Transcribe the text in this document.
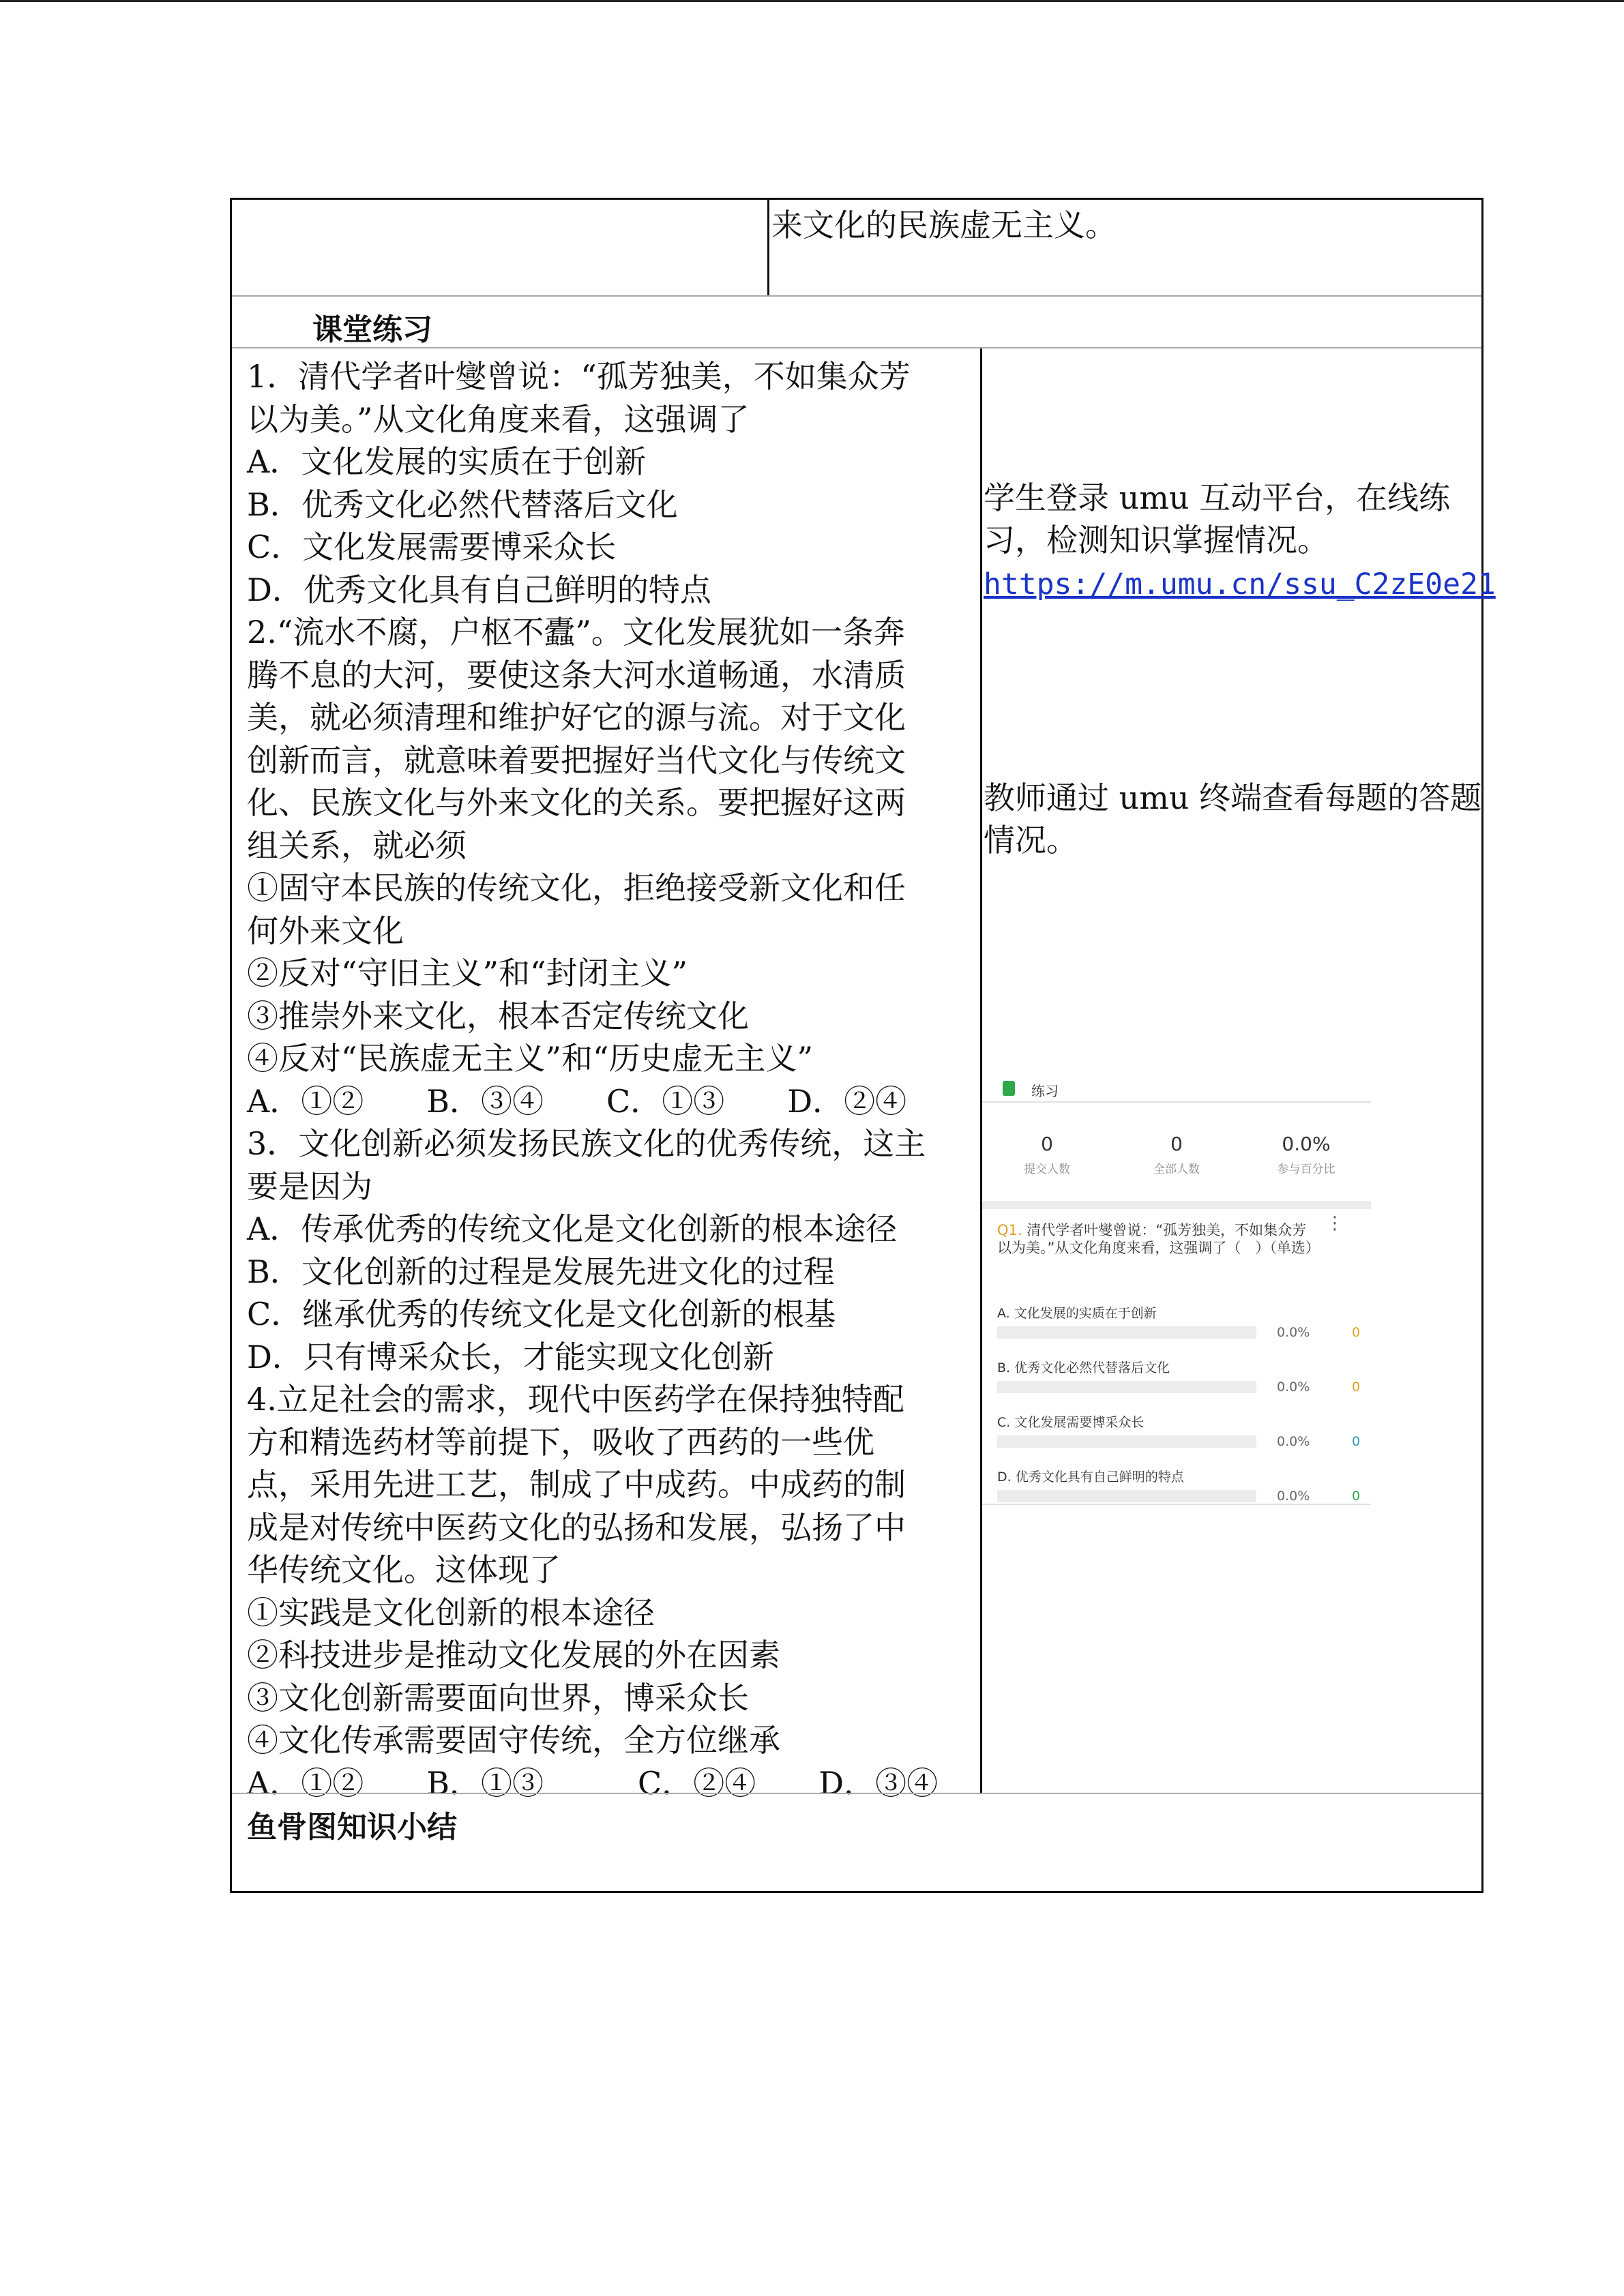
来文化的民族虚无主义。
课堂练习
1．清代学者叶燮曾说：“孤芳独美，不如集众芳
以为美。”从文化角度来看，这强调了
A．文化发展的实质在于创新
B．优秀文化必然代替落后文化
C．文化发展需要博采众长
D．优秀文化具有自己鲜明的特点
2.“流水不腐，户枢不蠹”。文化发展犹如一条奔
腾不息的大河，要使这条大河水道畅通，水清质
美，就必须清理和维护好它的源与流。对于文化
创新而言，就意味着要把握好当代文化与传统文
化、民族文化与外来文化的关系。要把握好这两
组关系，就必须
①固守本民族的传统文化，拒绝接受新文化和任
何外来文化
②反对“守旧主义”和“封闭主义”
③推崇外来文化，根本否定传统文化
④反对“民族虚无主义”和“历史虚无主义”
A．①②　　B．③④　　C．①③　　D．②④
3．文化创新必须发扬民族文化的优秀传统，这主
要是因为
A．传承优秀的传统文化是文化创新的根本途径
B．文化创新的过程是发展先进文化的过程
C．继承优秀的传统文化是文化创新的根基
D．只有博采众长，才能实现文化创新
4.立足社会的需求，现代中医药学在保持独特配
方和精选药材等前提下，吸收了西药的一些优
点，采用先进工艺，制成了中成药。中成药的制
成是对传统中医药文化的弘扬和发展，弘扬了中
华传统文化。这体现了
①实践是文化创新的根本途径
②科技进步是推动文化发展的外在因素
③文化创新需要面向世界，博采众长
④文化传承需要固守传统，全方位继承
A．①②　　B．①③　　　C．②④　　D．③④
学生登录 umu 互动平台，在线练
习，检测知识掌握情况。
https://m.umu.cn/ssu_C2zE0e21
教师通过 umu 终端查看每题的答题
情况。
练习
0
提交人数
0
全部人数
0.0%
参与百分比
Q1. 清代学者叶燮曾说：“孤芳独美，不如集众芳以为美。”从文化角度来看，这强调了（　）（单选）
⋮
A. 文化发展的实质在于创新
0.0%	0
B. 优秀文化必然代替落后文化
0.0%	0
C. 文化发展需要博采众长
0.0%	0
D. 优秀文化具有自己鲜明的特点
0.0%	0
鱼骨图知识小结
